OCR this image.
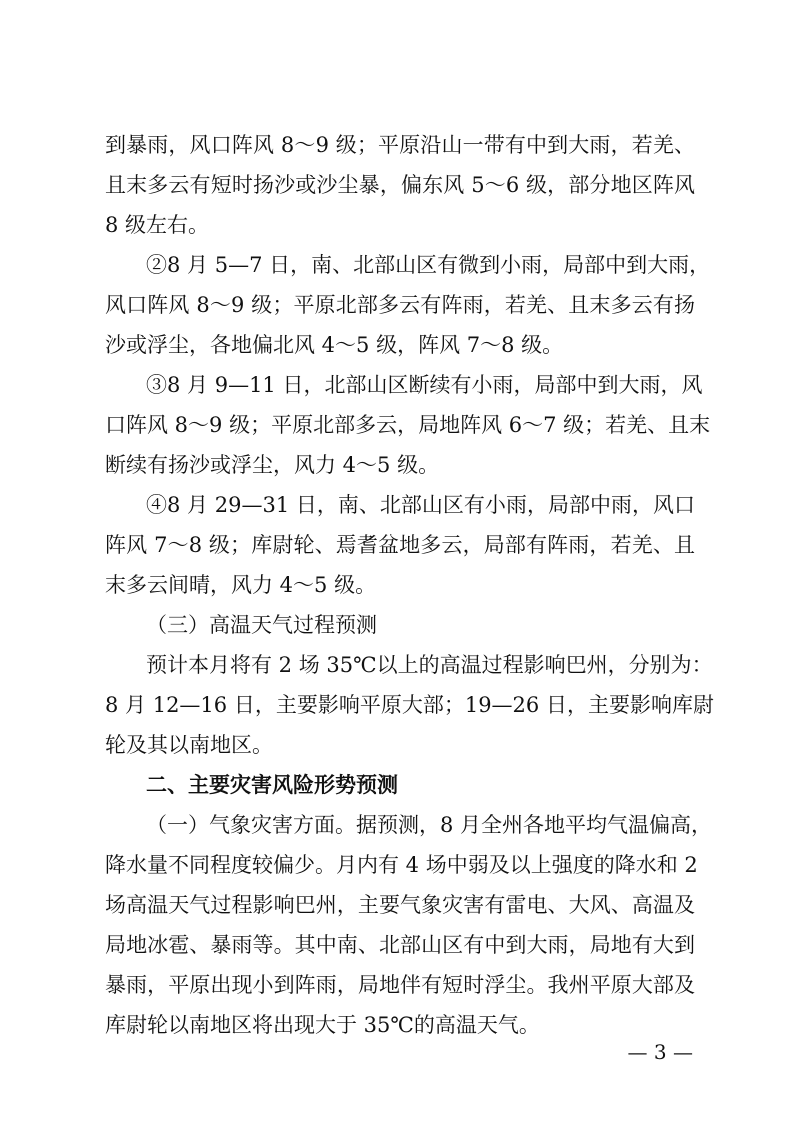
到暴雨，风口阵风 8～9 级；平原沿山一带有中到大雨，若羌、
且末多云有短时扬沙或沙尘暴，偏东风 5～6 级，部分地区阵风
8 级左右。
②8 月 5—7 日，南、北部山区有微到小雨，局部中到大雨，
风口阵风 8～9 级；平原北部多云有阵雨，若羌、且末多云有扬
沙或浮尘，各地偏北风 4～5 级，阵风 7～8 级。
③8 月 9—11 日，北部山区断续有小雨，局部中到大雨，风
口阵风 8～9 级；平原北部多云，局地阵风 6～7 级；若羌、且末
断续有扬沙或浮尘，风力 4～5 级。
④8 月 29—31 日，南、北部山区有小雨，局部中雨，风口
阵风 7～8 级；库尉轮、焉耆盆地多云，局部有阵雨，若羌、且
末多云间晴，风力 4～5 级。
（三）高温天气过程预测
预计本月将有 2 场 35℃以上的高温过程影响巴州，分别为：
8 月 12—16 日，主要影响平原大部；19—26 日，主要影响库尉
轮及其以南地区。
二、主要灾害风险形势预测
（一）气象灾害方面。据预测，8 月全州各地平均气温偏高，
降水量不同程度较偏少。月内有 4 场中弱及以上强度的降水和 2
场高温天气过程影响巴州，主要气象灾害有雷电、大风、高温及
局地冰雹、暴雨等。其中南、北部山区有中到大雨，局地有大到
暴雨，平原出现小到阵雨，局地伴有短时浮尘。我州平原大部及
库尉轮以南地区将出现大于 35℃的高温天气。
— 3 —
